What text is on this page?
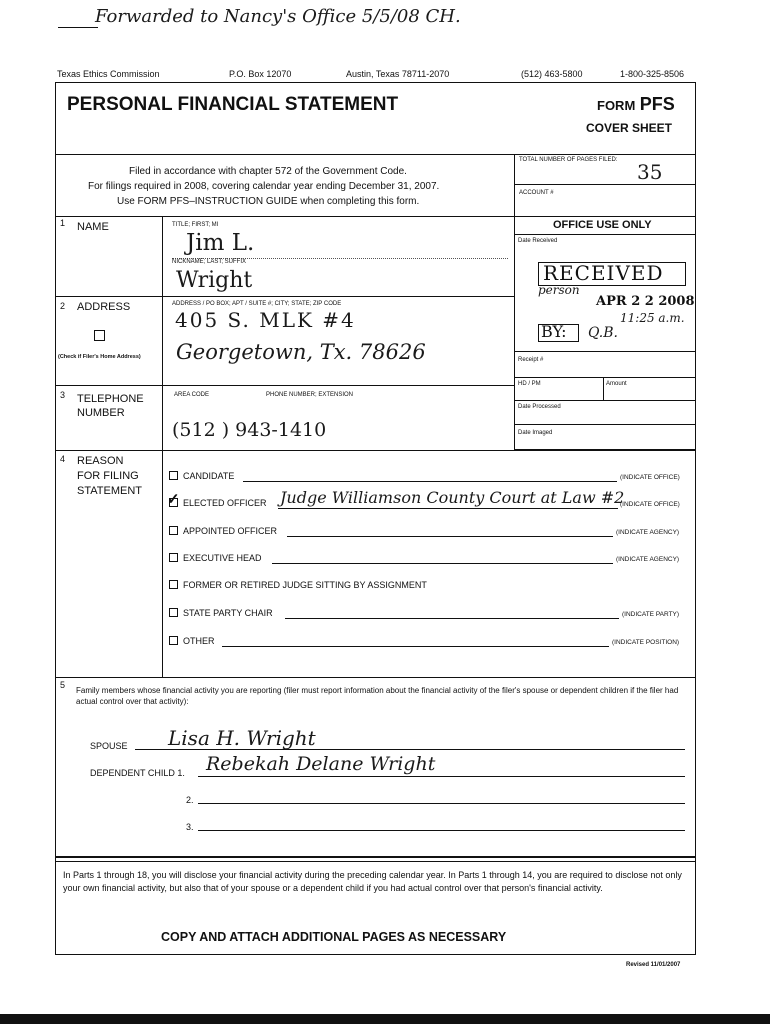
Forwarded to Nancy's Office 5/5/08 CH.
Texas Ethics Commission	P.O. Box 12070	Austin, Texas 78711-2070	(512) 463-5800	1-800-325-8506
PERSONAL FINANCIAL STATEMENT	FORM PFS
COVER SHEET
Filed in accordance with chapter 572 of the Government Code.
For filings required in 2008, covering calendar year ending December 31, 2007.
Use FORM PFS–INSTRUCTION GUIDE when completing this form.
TOTAL NUMBER OF PAGES FILED: 35
ACCOUNT #
OFFICE USE ONLY
Date Received
RECEIVED
person
APR 2 2 2008
11:25 a.m.
BY: Q.B.
Receipt #
HD / PM	Amount
Date Processed
Date Imaged
1 NAME	TITLE; FIRST; MI
Jim L.
NICKNAME; LAST; SUFFIX
Wright
2 ADDRESS
(Check if Filer's Home Address)
ADDRESS / PO BOX; APT / SUITE #; CITY; STATE; ZIP CODE
405 S. MLK #4
Georgetown, Tx. 78626
3 TELEPHONE
NUMBER
AREA CODE	PHONE NUMBER; EXTENSION
(512 ) 943-1410
4 REASON
FOR FILING
STATEMENT
CANDIDATE	(INDICATE OFFICE)
✓ ELECTED OFFICER Judge Williamson County Court at Law #2
(INDICATE OFFICE)
APPOINTED OFFICER	(INDICATE AGENCY)
EXECUTIVE HEAD	(INDICATE AGENCY)
FORMER OR RETIRED JUDGE SITTING BY ASSIGNMENT
STATE PARTY CHAIR	(INDICATE PARTY)
OTHER	(INDICATE POSITION)
5
Family members whose financial activity you are reporting (filer must report information about the financial activity of the filer's spouse or dependent children if the filer had actual control over that activity):
SPOUSE Lisa H. Wright
DEPENDENT CHILD 1. Rebekah Delane Wright
2.
3.
In Parts 1 through 18, you will disclose your financial activity during the preceding calendar year. In Parts 1 through 14, you are required to disclose not only your own financial activity, but also that of your spouse or a dependent child if you had actual control over that person's financial activity.
COPY AND ATTACH ADDITIONAL PAGES AS NECESSARY
Revised 11/01/2007
